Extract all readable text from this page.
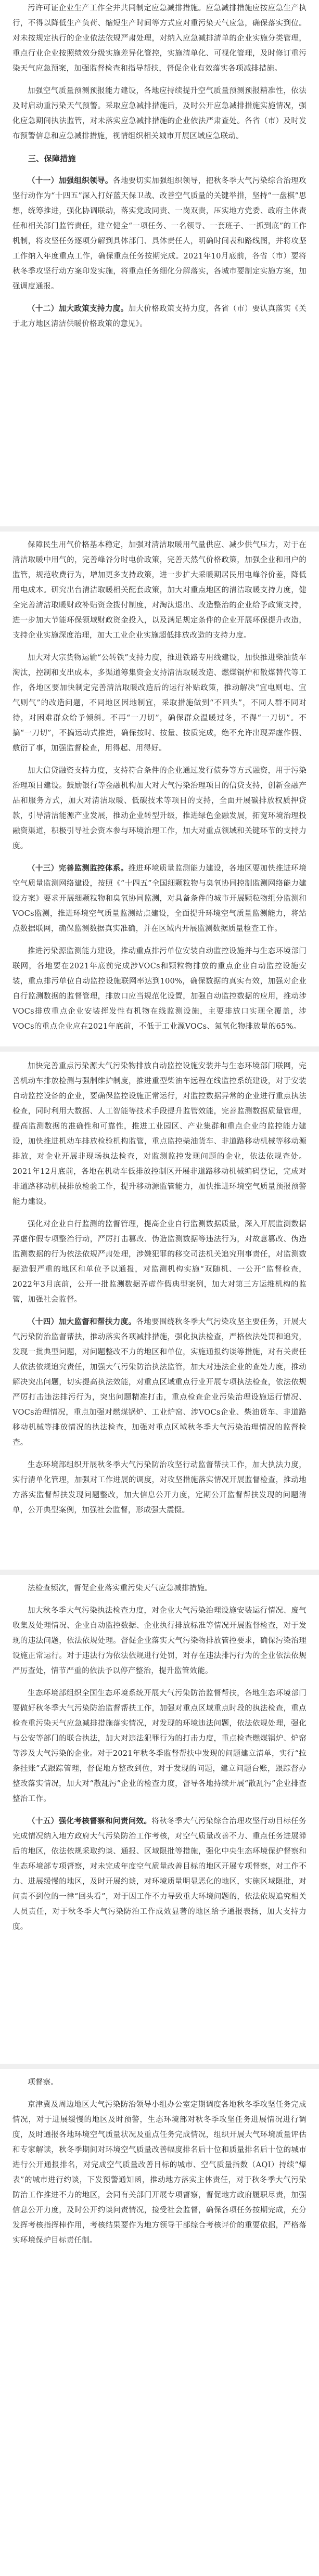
污许可证企业生产工作全并共同制定应急减排措施。应急减排措施应按应急生产执行，不得以降低生产负荷、缩短生产时间等方式应对重污染天气应急，确保落实到位。对未按规定执行的企业依法依规严肃处理，对纳入应急减排清单的企业实施分类管理，重点行业企业按照绩效分级实施差异化管控，实施清单化、可视化管理，及时修订重污染天气应急预案，加强监督检查和指导帮扶，督促企业有效落实各项减排措施。

加强空气质量预测预报能力建设，各地应持续提升空气质量预测预报精准性，依法及时启动重污染天气预警。采取应急减排措施后，及时公开应急减排措施实施情况，强化应急期间执法监管，对未落实应急减排措施的企业依法严肃查处。各省（市）及时发布预警信息和应急减排措施，视情组织相关城市开展区域应急联动。

三、保障措施

（十一）加强组织领导。各地要切实加强组织领导，把秋冬季大气污染综合治理攻坚行动作为“十四五”深入打好蓝天保卫战、改善空气质量的关键举措，坚持“一盘棋”思想，统筹推进，强化协调联动，落实党政同责、一岗双责，压实地方党委、政府主体责任和相关部门监管责任，建立健全“一项任务、一名领导、一套班子、一抓到底”的工作机制，将攻坚任务逐项分解到具体部门、具体责任人，明确时间表和路线图，并将攻坚工作纳入年度重点工作，确保重点任务按期完成。2021年10月底前，各省（市）要将秋冬季攻坚行动方案印发实施，将重点任务细化分解落实，各城市要制定实施方案，加强调度通报。

（十二）加大政策支持力度。加大价格政策支持力度，各省（市）要认真落实《关于北方地区清洁供暖价格政策的意见》。

保障民生用气价格基本稳定，加强对清洁取暖用气量供应、减少供气压力，对于在清洁取暖中用气的，完善峰谷分时电价政策，完善天然气价格政策，加强企业和用户的监管，规范收费行为，增加更多支持政策，进一步扩大采暖期居民用电峰谷价差，降低用电成本。研究出台清洁取暖相关配套政策，加大对重点地区的清洁取暖支持力度，健全完善清洁取暖财政补贴资金拨付制度，对淘汰退出、改造整治的企业给予政策支持，进一步加大节能环保领域财政资金投入，以及满足规定条件的企业开展环保提升改造，支持企业实施深度治理，加大工业企业实施超低排放改造的支持力度。

加大对大宗货物运输“公转铁”支持力度，推进铁路专用线建设，加快推进柴油货车淘汰，控制和支出成本，多渠道筹集资金支持清洁取暖改造、燃煤锅炉和散煤替代等工作，各地区要加快制定完善清洁取暖改造后的运行补贴政策，推动解决“宜电则电、宜气则气”的改造问题，不同地区因地制宜，采取措施做到“不回头”，不同人群不同对待，对困难群众给予倾斜。不再“一刀切”，确保群众温暖过冬，不得“一刀切”。不搞“一刀切”，不搞运动式推进，确保按时、按量、按质完成，绝不允许出现弄虚作假、敷衍了事，加强监督检查，用得起、用得好。

加大信贷融资支持力度，支持符合条件的企业通过发行债券等方式融资，用于污染治理项目建设。鼓励银行等金融机构加大对大气污染治理项目的信贷支持，创新金融产品和服务方式，加大对清洁取暖、低碳技术等项目的支持，全面开展碳排放权质押贷款，引导清洁能源产业发展，推动企业转型升级，推进绿色金融发展，拓宽环境治理投融资渠道，积极引导社会资本参与环境治理工作，加大对重点领域和关键环节的支持力度。

（十三）完善监测监控体系。推进环境质量监测能力建设，各地区要加快推进环境空气质量监测网络建设，按照《“十四五”全国细颗粒物与臭氧协同控制监测网络能力建设方案》要求开展细颗粒物和臭氧协同监测，对具备条件的城市开展颗粒物组分监测和VOCs监测，推进环境空气质量监测站点建设，全面提升环境空气质量监测能力，将站点数据联网，确保监测数据真实准确，并在区域内开展监测数据质量检查工作。

推进污染源监测能力建设，推动重点排污单位安装自动监控设施并与生态环境部门联网，各地要在2021年底前完成涉VOCs和颗粒物排放的重点企业自动监控设施安装，重点排污单位自动监控设施联网率达到100%，确保数据的真实有效，加强对企业自行监测数据的监督管理，排放口应当规范化设置，加强自动监控数据的应用，推动涉VOCs排放重点企业安装挥发性有机物在线监测设施，主要排放口实现全覆盖，涉VOCs的重点企业应在2021年底前，不低于工业源VOCs、氮氧化物排放量的65%。

加快完善重点污染源大气污染物排放自动监控设施安装并与生态环境部门联网，完善机动车排放检测与强制维护制度，推进重型柴油车远程在线监控系统建设，对于安装自动监控设备的企业，要确保监控设施正常运行，对监控数据异常的企业进行重点执法检查，同时利用大数据、人工智能等技术手段提升监管效能，完善监测数据质量管理，提高监测数据的准确性和可靠性，推进工业园区、产业集群和重点企业的监控能力建设，加快推进机动车排放检验机构监管，重点监控柴油货车、非道路移动机械等移动源排放，对企业开展非现场执法检查，对监测监控发现问题的企业，依法依规查处。2021年12月底前，各地在机动车低排放控制区开展非道路移动机械编码登记，完成对非道路移动机械排放检验工作，提升移动源监管能力，加快推进环境空气质量预报预警能力建设。

强化对企业自行监测的监督管理，提高企业自行监测数据质量，深入开展监测数据弄虚作假专项整治行动，严厉打击篡改、伪造监测数据等违法行为，对故意篡改、伪造监测数据的行为依法依规严肃处理，涉嫌犯罪的移交司法机关追究刑事责任，对监测数据造假严重的地区和单位予以通报，对监测机构实施“双随机、一公开”监督检查，2022年3月底前，公开一批监测数据弄虚作假典型案例，加大对第三方运维机构的监管，加强社会监督。

（十四）加大监督和帮扶力度。各地要围绕秋冬季大气污染攻坚主要任务，开展大气污染防治监督帮扶，推动落实各项减排措施，强化执法检查，严格依法处罚和追究，发现一批典型问题，对问题整改不力的地区和单位，实施通报约谈等措施，对有关责任人依法依规追究责任，加强大气污染防治执法监管，加大对违法企业的查处力度，推动解决突出问题，切实提高执法效能，对重点区域重点行业开展专项执法检查，依法依规严厉打击违法排污行为，突出问题精准打击，重点检查企业污染治理设施运行情况、VOCs治理情况，重点加强对燃煤锅炉、工业炉窑、涉VOCs企业、柴油货车、非道路移动机械等排放情况的执法检查，加强对重点区域秋冬季大气污染治理情况的监督检查。

生态环境部组织开展秋冬季大气污染防治攻坚行动监督帮扶工作，加大执法力度，实行清单化管理，加强对工作进展的调度，对攻坚措施落实情况开展监督检查，推动地方落实监督帮扶发现问题整改，加大信息公开力度，定期公开监督帮扶发现的问题清单，公开典型案例，加强社会监督，形成强大震慑。

法检查频次，督促企业落实重污染天气应急减排措施。

加大秋冬季大气污染执法检查力度，对企业大气污染治理设施安装运行情况、废气收集及处理情况、企业自动监控数据、企业执行排放标准等情况开展监督检查，对于发现的违法问题，依法依规处理。督促企业落实大气污染物排放管控要求，确保污染治理设施正常运行。对于违法行为依法依规进行处罚，对存在违法排污行为的企业依法依规严厉查处，情节严重的依法予以停产整治，提升监管效能。

生态环境部组织全国生态环境系统开展大气污染防治监督帮扶，各地生态环境部门要做好秋冬季大气污染防治监督帮扶工作，加强对重点区域重点时段的执法检查，重点检查重污染天气应急减排措施落实情况，对发现的环境违法问题，依法依规处理，强化与公安等部门的联合执法，加大对违法犯罪行为的打击力度，重点检查燃煤锅炉、炉窑等涉及大气污染的企业。对于2021年秋冬季监督帮扶中发现的问题建立清单，实行“拉条挂账”式跟踪管理，督促地方整改到位，对于发现的问题，建立问题台账，跟踪督办整改落实情况，加大对“散乱污”企业的检查力度，督导各地持续开展“散乱污”企业排查整治工作。

（十五）强化考核督察和问责问效。将秋冬季大气污染综合治理攻坚行动目标任务完成情况纳入地方政府大气污染防治工作考核，对空气质量改善不力、重点任务进展滞后的地区，依法依规采取约谈、通报、区域限批等措施，强化中央生态环境保护督察和生态环境部专项督察，对未完成年度空气质量改善目标的地区开展专项督察，对工作不力、进展缓慢的地区，及时开展约谈，对环境质量明显恶化的地区，实施区域限批，对问责不到位的一律“回头看”，对于因工作不力导致重大环境问题的，依法依规追究相关人员责任，对于秋冬季大气污染防治工作成效显著的地区给予通报表扬，加大支持力度。

项督察。

京津冀及周边地区大气污染防治领导小组办公室定期调度各地秋冬季攻坚任务完成情况，对于进展缓慢的地区及时预警，生态环境部对秋冬季攻坚任务进展情况进行调度，及时通报各地环境空气质量状况及重点任务完成情况，组织开展大气环境质量评估和专家解读，秋冬季期间对环境空气质量改善幅度排名后十位和质量排名后十位的城市进行公开通报排名，对完成空气质量改善目标的城市、空气质量指数（AQI）持续“爆表”的城市进行约谈，下发预警通知函，推动地方落实主体责任，对于秋冬季大气污染防治工作推进不力的地区，会同有关部门开展专项督察，督促地方政府履职尽责，加强信息公开力度，及时公开约谈问责情况，接受社会监督，确保各项任务按期完成，充分发挥考核指挥棒作用，考核结果要作为地方领导干部综合考核评价的重要依据，严格落实环境保护目标责任制。
